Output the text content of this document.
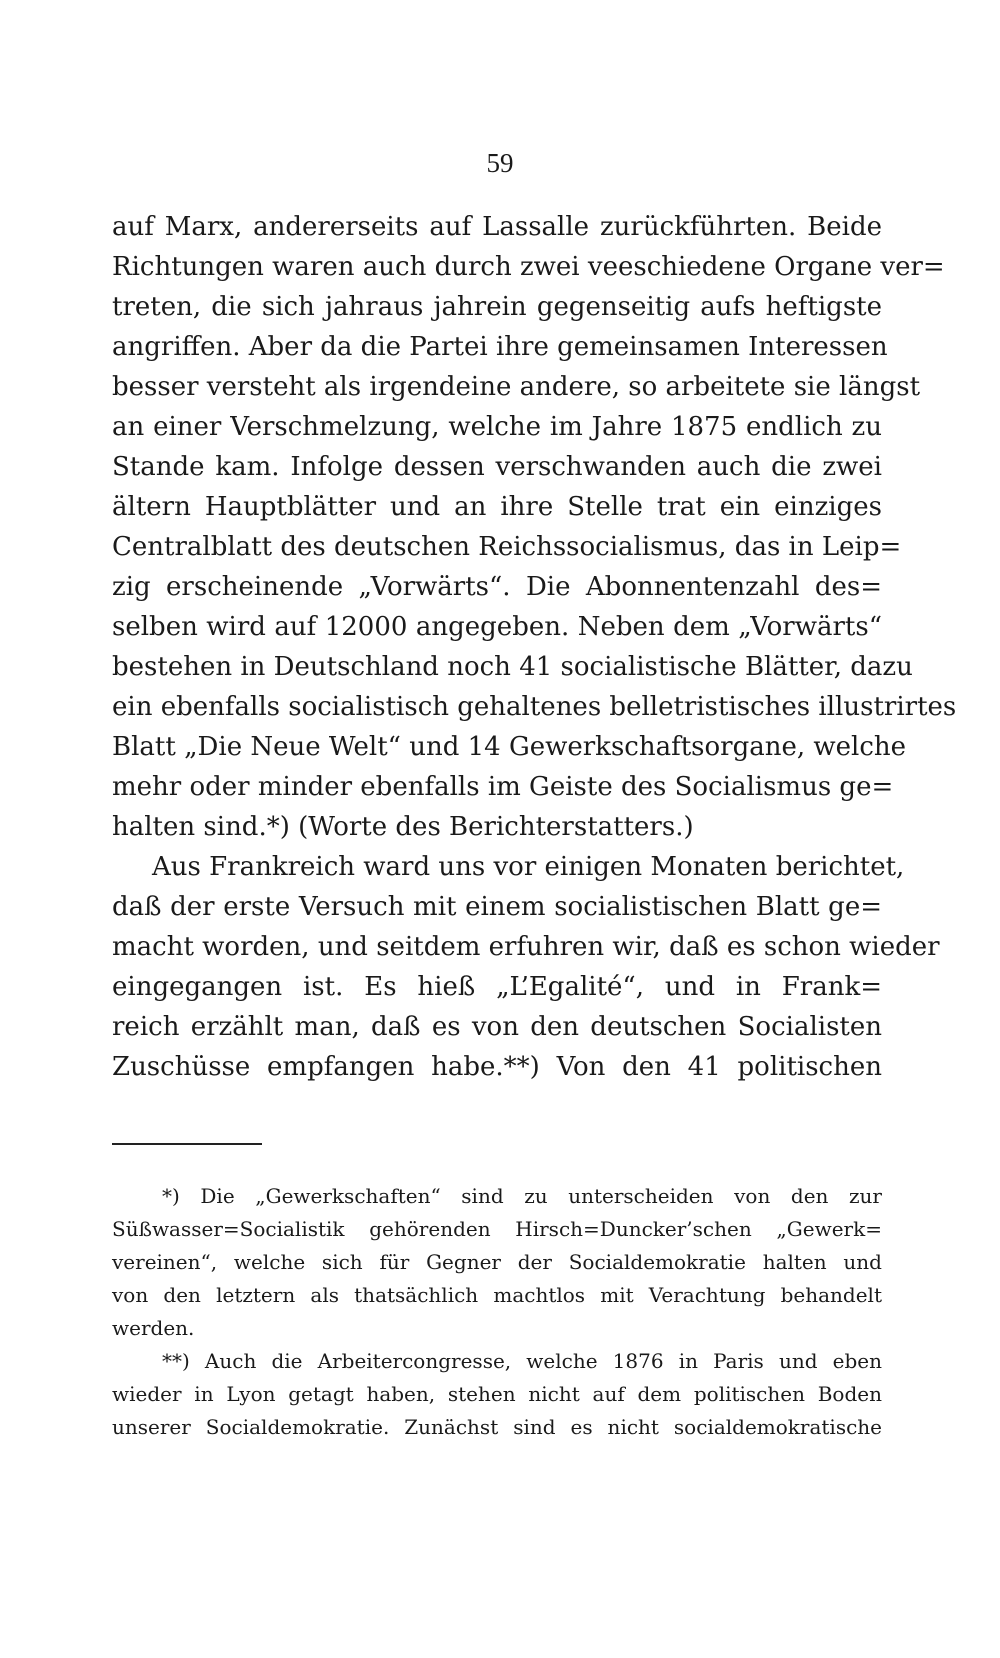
59
auf Marx, andererseits auf Lassalle zurückführten. Beide
Richtungen waren auch durch zwei veeschiedene Organe ver=
treten, die sich jahraus jahrein gegenseitig aufs heftigste
angriffen. Aber da die Partei ihre gemeinsamen Interessen
besser versteht als irgendeine andere, so arbeitete sie längst
an einer Verschmelzung, welche im Jahre 1875 endlich zu
Stande kam. Infolge dessen verschwanden auch die zwei
ältern Hauptblätter und an ihre Stelle trat ein einziges
Centralblatt des deutschen Reichssocialismus, das in Leip=
zig erscheinende „Vorwärts“. Die Abonnentenzahl des=
selben wird auf 12000 angegeben. Neben dem „Vorwärts“
bestehen in Deutschland noch 41 socialistische Blätter, dazu
ein ebenfalls socialistisch gehaltenes belletristisches illustrirtes
Blatt „Die Neue Welt“ und 14 Gewerkschaftsorgane, welche
mehr oder minder ebenfalls im Geiste des Socialismus ge=
halten sind.*) (Worte des Berichterstatters.)
Aus Frankreich ward uns vor einigen Monaten berichtet,
daß der erste Versuch mit einem socialistischen Blatt ge=
macht worden, und seitdem erfuhren wir, daß es schon wieder
eingegangen ist. Es hieß „L’Egalité“, und in Frank=
reich erzählt man, daß es von den deutschen Socialisten
Zuschüsse empfangen habe.**) Von den 41 politischen
*) Die „Gewerkschaften“ sind zu unterscheiden von den zur
Süßwasser=Socialistik gehörenden Hirsch=Duncker’schen „Gewerk=
vereinen“, welche sich für Gegner der Socialdemokratie halten und
von den letztern als thatsächlich machtlos mit Verachtung behandelt
werden.
**) Auch die Arbeitercongresse, welche 1876 in Paris und eben
wieder in Lyon getagt haben, stehen nicht auf dem politischen Boden
unserer Socialdemokratie. Zunächst sind es nicht socialdemokratische
